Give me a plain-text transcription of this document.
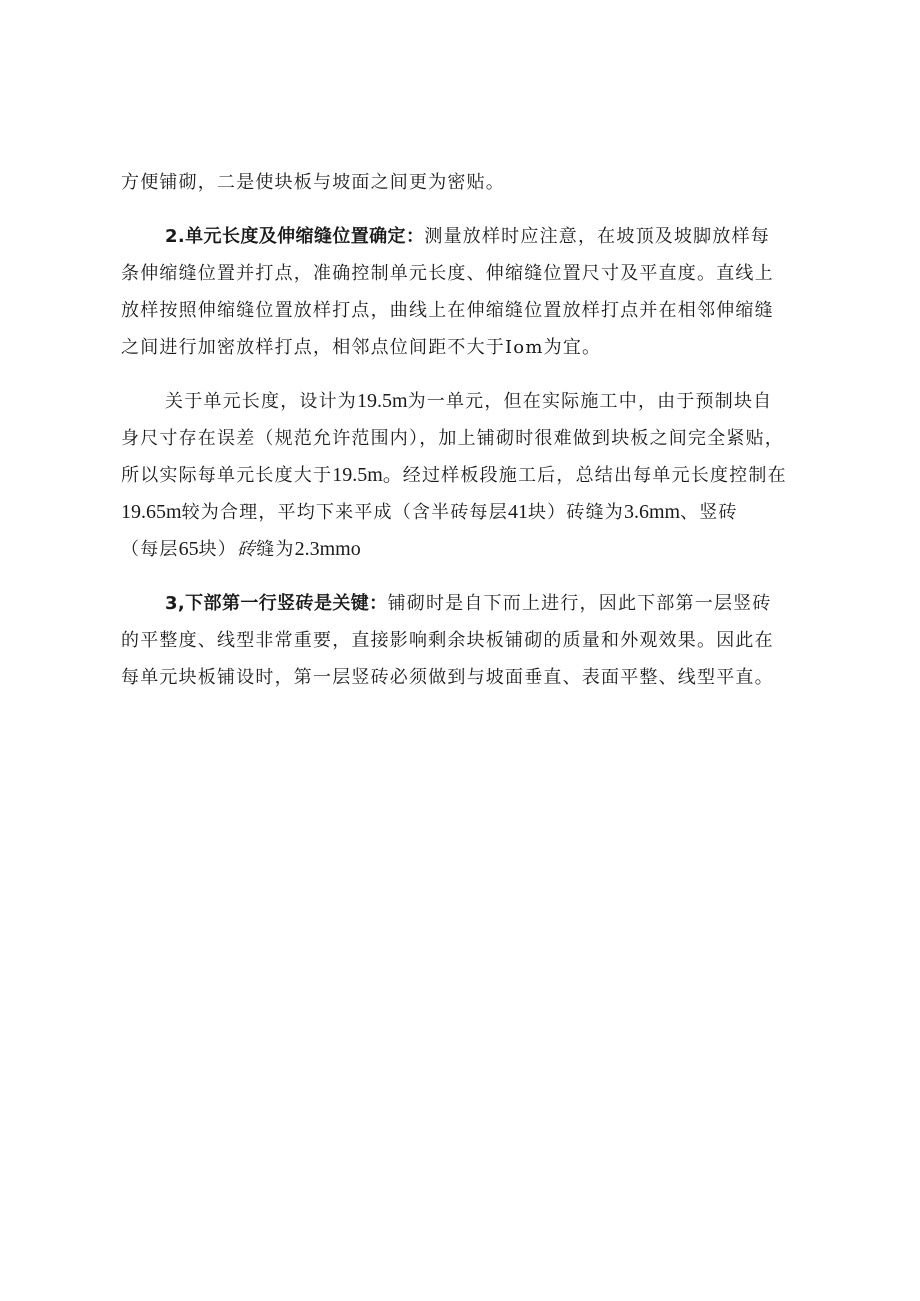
方便铺砌，二是使块板与坡面之间更为密贴。
2.单元长度及伸缩缝位置确定：测量放样时应注意，在坡顶及坡脚放样每
条伸缩缝位置并打点，准确控制单元长度、伸缩缝位置尺寸及平直度。直线上
放样按照伸缩缝位置放样打点，曲线上在伸缩缝位置放样打点并在相邻伸缩缝
之间进行加密放样打点，相邻点位间距不大于Iom为宜。
关于单元长度，设计为19.5m为一单元，但在实际施工中，由于预制块自
身尺寸存在误差（规范允许范围内），加上铺砌时很难做到块板之间完全紧贴，
所以实际每单元长度大于19.5m。经过样板段施工后，总结出每单元长度控制在
19.65m较为合理，平均下来平成（含半砖每层41块）砖缝为3.6mm、竖砖
（每层65块）砖缝为2.3mmo
3,下部第一行竖砖是关键：铺砌时是自下而上进行，因此下部第一层竖砖
的平整度、线型非常重要，直接影响剩余块板铺砌的质量和外观效果。因此在
每单元块板铺设时，第一层竖砖必须做到与坡面垂直、表面平整、线型平直。
